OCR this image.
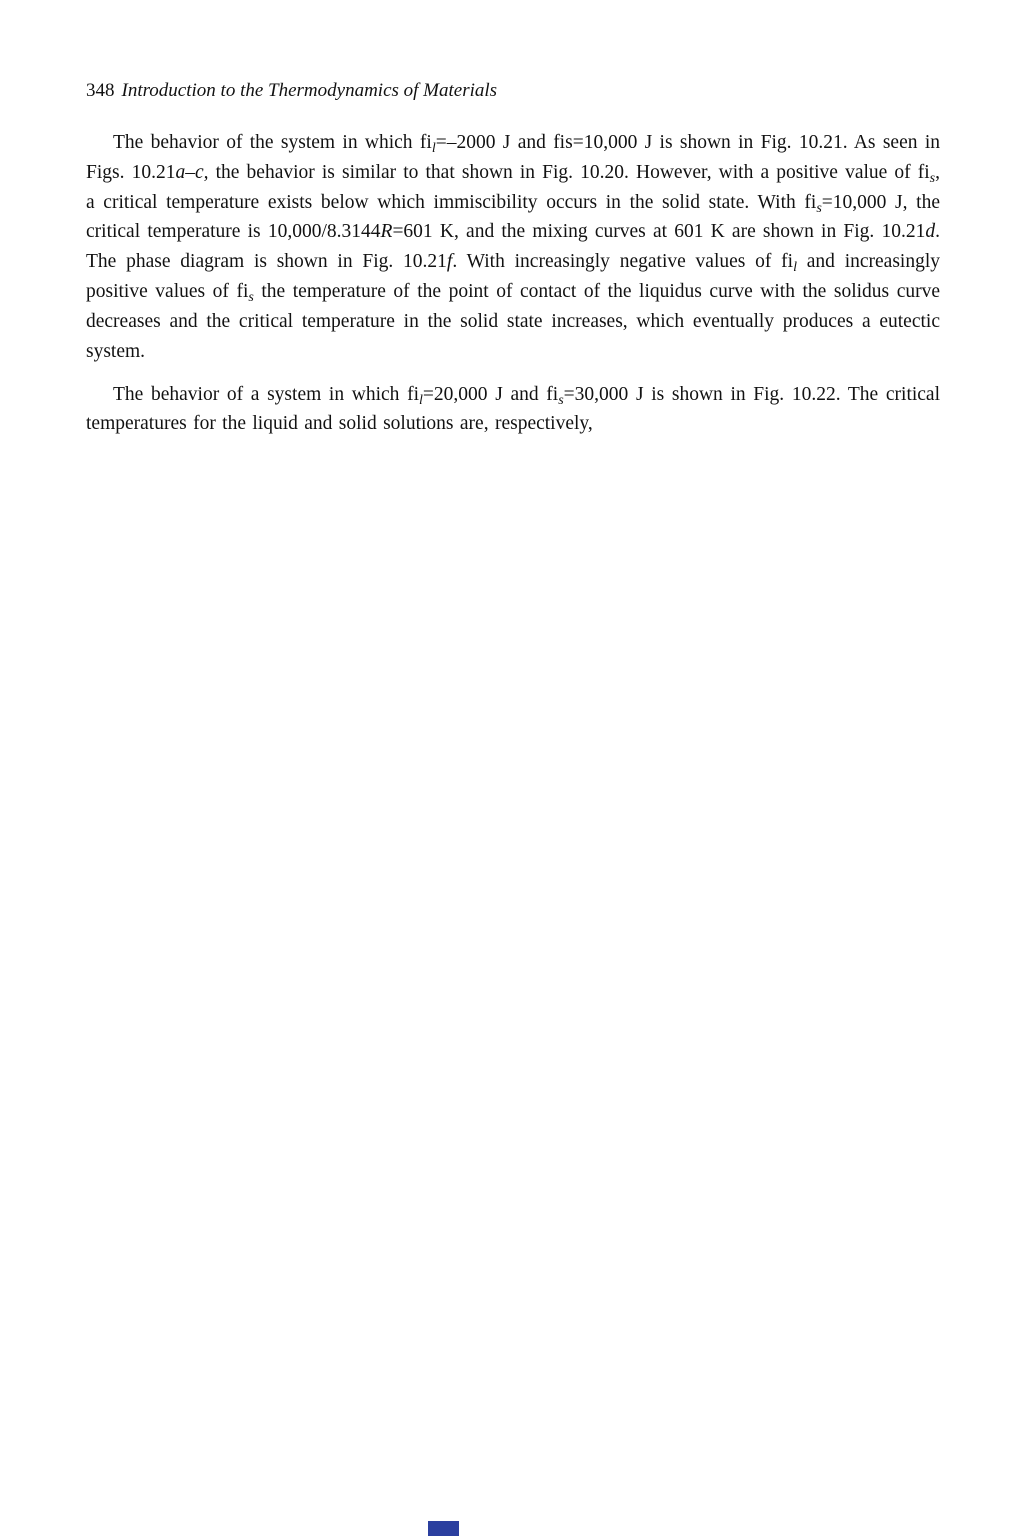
348 Introduction to the Thermodynamics of Materials

The behavior of the system in which $fi_l=-2000$ J and fis=10,000 J is shown in Fig. 10.21. As seen in Figs. 10.21a–c, the behavior is similar to that shown in Fig. 10.20. However, with a positive value of $fi_s$, a critical temperature exists below which immiscibility occurs in the solid state. With $fi_s=10,000$ J, the critical temperature is 10,000/8.3144R=601 K, and the mixing curves at 601 K are shown in Fig. 10.21d. The phase diagram is shown in Fig. 10.21f. With increasingly negative values of $fi_l$ and increasingly positive values of $fi_s$ the temperature of the point of contact of the liquidus curve with the solidus curve decreases and the critical temperature in the solid state increases, which eventually produces a eutectic system.

The behavior of a system in which $fi_l=20,000$ J and $fi_s=30,000$ J is shown in Fig. 10.22. The critical temperatures for the liquid and solid solutions are, respectively,
